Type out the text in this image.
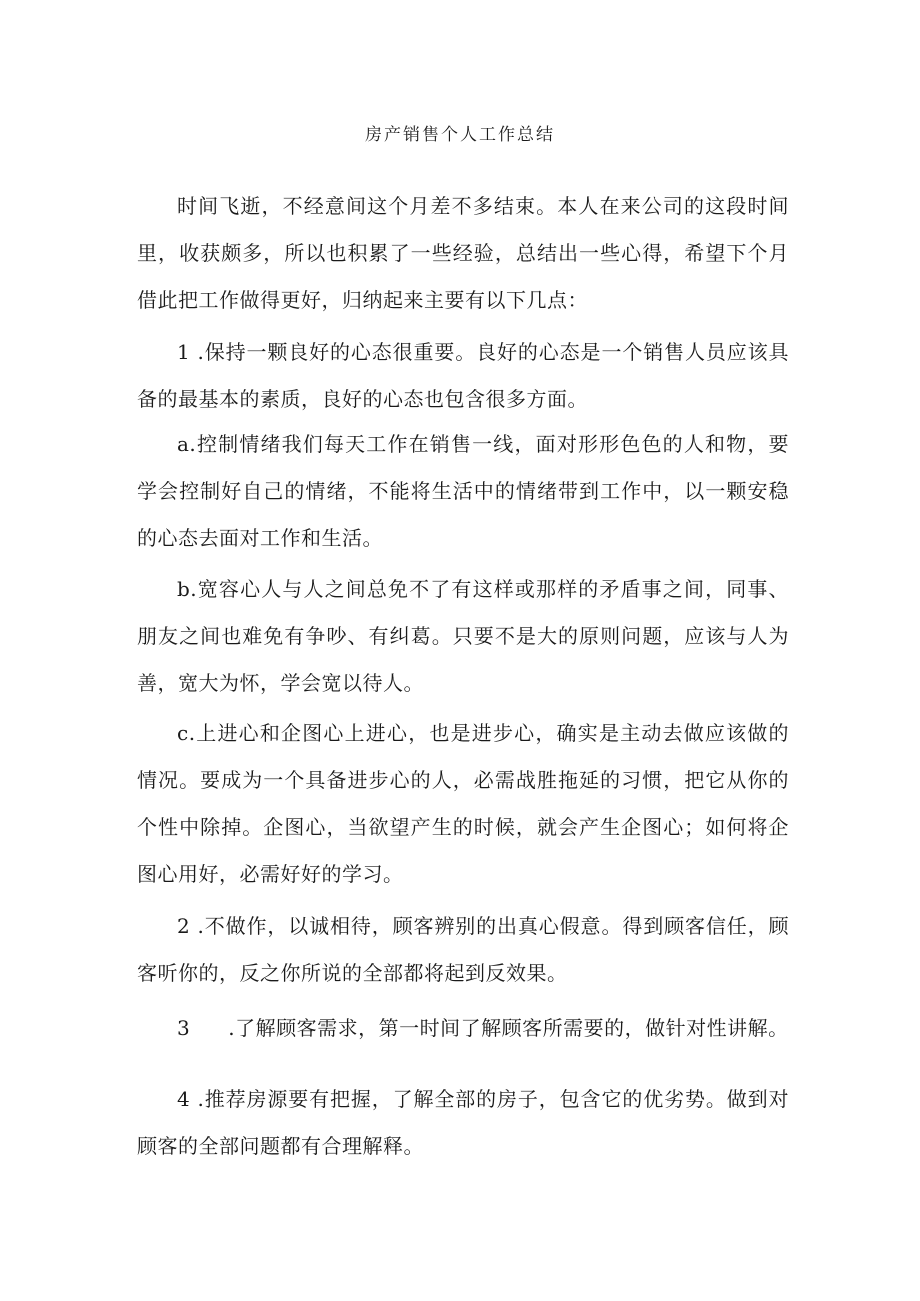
房产销售个人工作总结

时间飞逝，不经意间这个月差不多结束。本人在来公司的这段时间里，收获颇多，所以也积累了一些经验，总结出一些心得，希望下个月借此把工作做得更好，归纳起来主要有以下几点：

1 .保持一颗良好的心态很重要。良好的心态是一个销售人员应该具备的最基本的素质，良好的心态也包含很多方面。

a.控制情绪我们每天工作在销售一线，面对形形色色的人和物，要学会控制好自己的情绪，不能将生活中的情绪带到工作中，以一颗安稳的心态去面对工作和生活。

b.宽容心人与人之间总免不了有这样或那样的矛盾事之间，同事、朋友之间也难免有争吵、有纠葛。只要不是大的原则问题，应该与人为善，宽大为怀，学会宽以待人。

c.上进心和企图心上进心，也是进步心，确实是主动去做应该做的情况。要成为一个具备进步心的人，必需战胜拖延的习惯，把它从你的个性中除掉。企图心，当欲望产生的时候，就会产生企图心；如何将企图心用好，必需好好的学习。

2 .不做作，以诚相待，顾客辨别的出真心假意。得到顾客信任，顾客听你的，反之你所说的全部都将起到反效果。

3 .了解顾客需求，第一时间了解顾客所需要的，做针对性讲解。

4 .推荐房源要有把握，了解全部的房子，包含它的优劣势。做到对顾客的全部问题都有合理解释。
